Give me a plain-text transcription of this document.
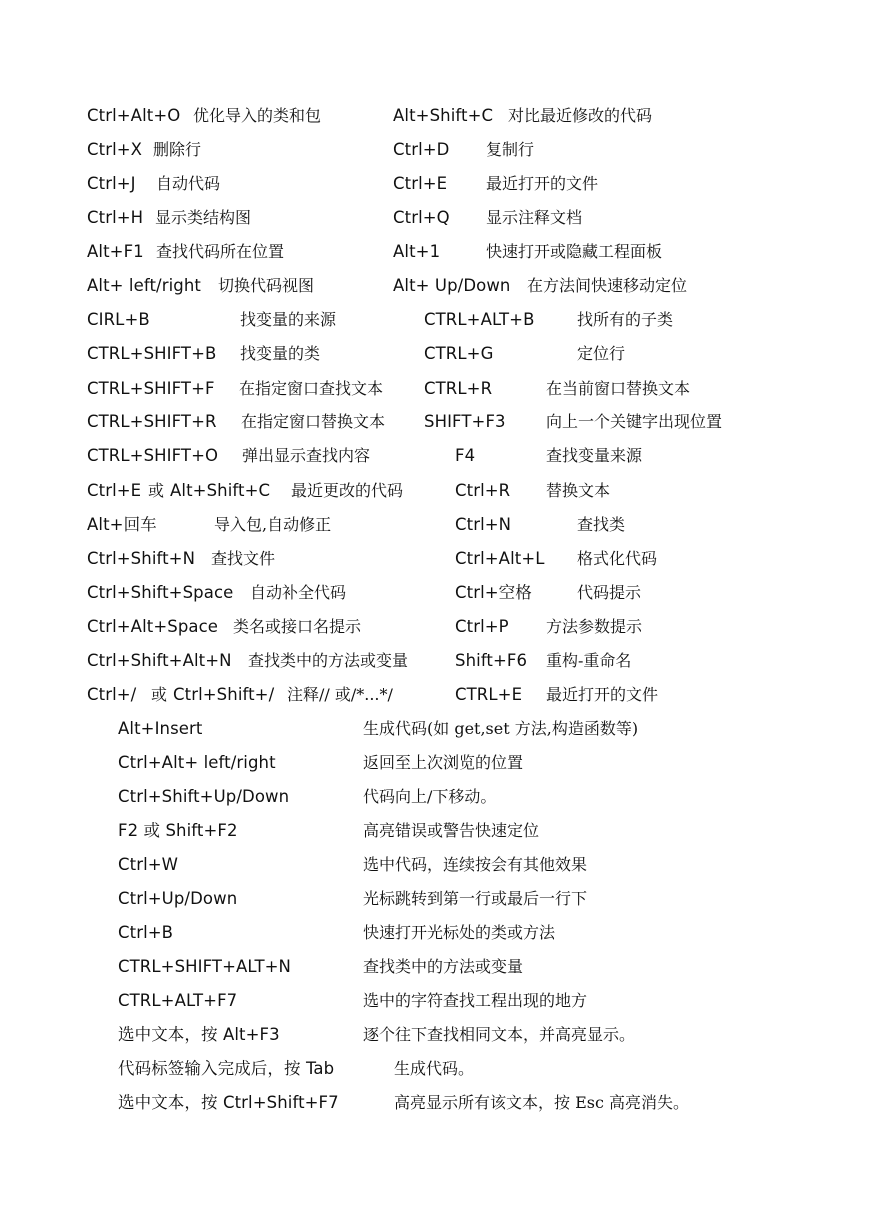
Ctrl+Alt+O 优化导入的类和包	Alt+Shift+C 对比最近修改的代码
Ctrl+X 删除行	Ctrl+D 复制行
Ctrl+J 自动代码	Ctrl+E 最近打开的文件
Ctrl+H 显示类结构图	Ctrl+Q 显示注释文档
Alt+F1 查找代码所在位置	Alt+1	快速打开或隐藏工程面板
Alt+ left/right 切换代码视图	Alt+ Up/Down 在方法间快速移动定位
CIRL+B	找变量的来源	CTRL+ALT+B	找所有的子类
CTRL+SHIFT+B 找变量的类	CTRL+G	定位行
CTRL+SHIFT+F 在指定窗口查找文本 CTRL+R	在当前窗口替换文本
CTRL+SHIFT+R 在指定窗口替换文本 SHIFT+F3	向上一个关键字出现位置
CTRL+SHIFT+O 弹出显示查找内容	F4	查找变量来源
Ctrl+E 或 Alt+Shift+C 最近更改的代码	Ctrl+R 替换文本
Alt+回车	导入包,自动修正	Ctrl+N	查找类
Ctrl+Shift+N 查找文件	Ctrl+Alt+L 格式化代码
Ctrl+Shift+Space 自动补全代码	Ctrl+空格	代码提示
Ctrl+Alt+Space 类名或接口名提示	Ctrl+P 方法参数提示
Ctrl+Shift+Alt+N 查找类中的方法或变量	Shift+F6 重构-重命名
Ctrl+/ 或 Ctrl+Shift+/ 注释// 或/*...*/	CTRL+E 最近打开的文件
Alt+Insert	生成代码(如 get,set 方法,构造函数等)
Ctrl+Alt+ left/right	返回至上次浏览的位置
Ctrl+Shift+Up/Down	代码向上/下移动。
F2 或 Shift+F2	高亮错误或警告快速定位
Ctrl+W	选中代码，连续按会有其他效果
Ctrl+Up/Down	光标跳转到第一行或最后一行下
Ctrl+B	快速打开光标处的类或方法
CTRL+SHIFT+ALT+N	查找类中的方法或变量
CTRL+ALT+F7	选中的字符查找工程出现的地方
选中文本，按 Alt+F3	逐个往下查找相同文本，并高亮显示。
代码标签输入完成后，按 Tab	生成代码。
选中文本，按 Ctrl+Shift+F7	高亮显示所有该文本，按 Esc 高亮消失。
